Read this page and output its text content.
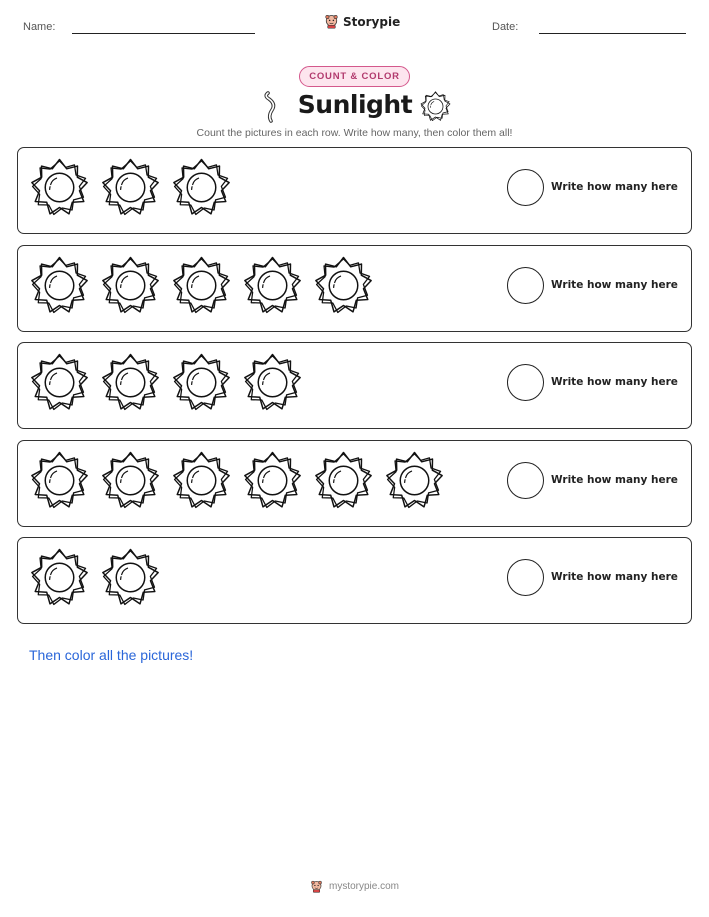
Name:	Storypie	Date:
COUNT & COLOR
Sunlight
Count the pictures in each row. Write how many, then color them all!
Write how many here
Write how many here
Write how many here
Write how many here
Write how many here
Then color all the pictures!
mystorypie.com
